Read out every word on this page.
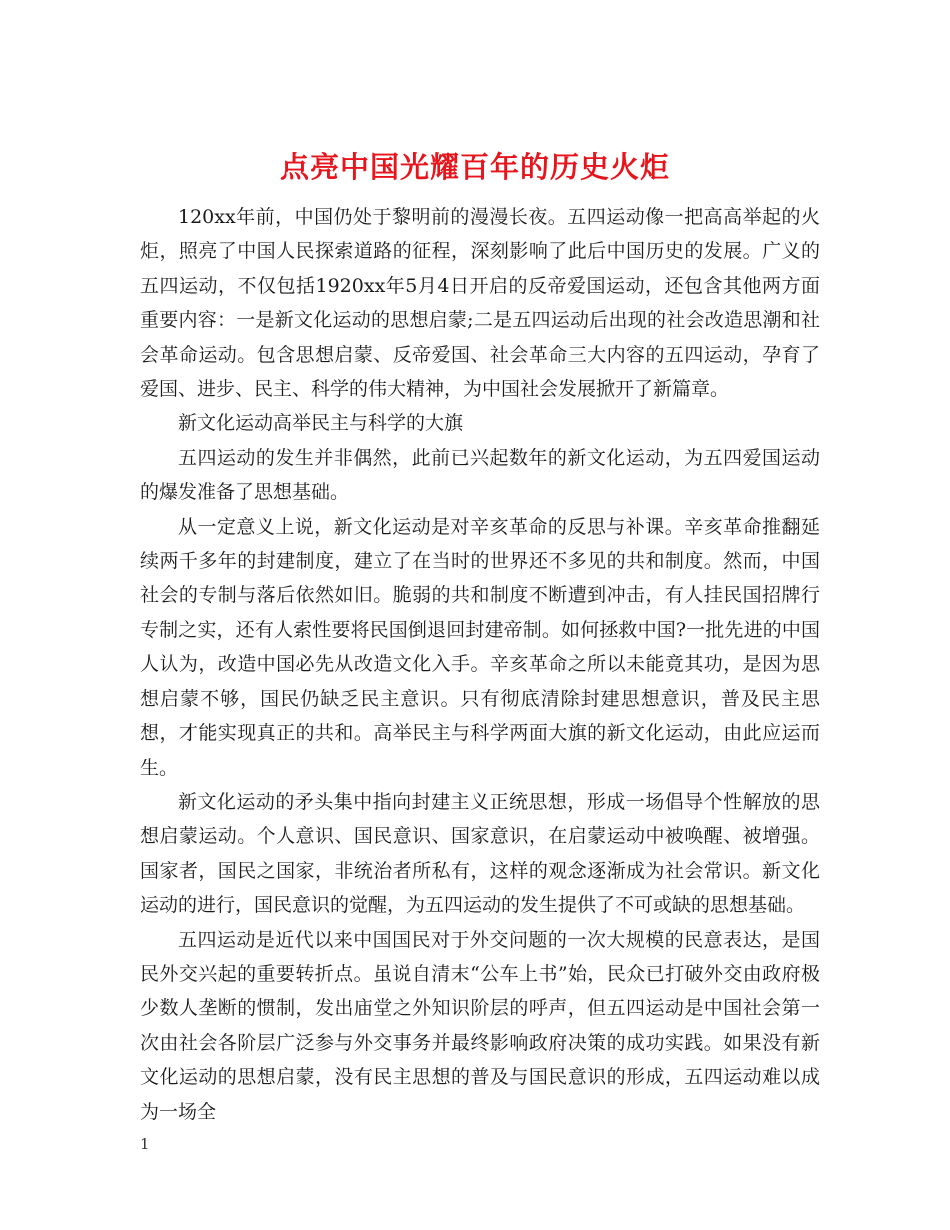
点亮中国光耀百年的历史火炬

120xx年前，中国仍处于黎明前的漫漫长夜。五四运动像一把高高举起的火炬，照亮了中国人民探索道路的征程，深刻影响了此后中国历史的发展。广义的五四运动，不仅包括1920xx年5月4日开启的反帝爱国运动，还包含其他两方面重要内容：一是新文化运动的思想启蒙;二是五四运动后出现的社会改造思潮和社会革命运动。包含思想启蒙、反帝爱国、社会革命三大内容的五四运动，孕育了爱国、进步、民主、科学的伟大精神，为中国社会发展掀开了新篇章。

新文化运动高举民主与科学的大旗

五四运动的发生并非偶然，此前已兴起数年的新文化运动，为五四爱国运动的爆发准备了思想基础。

从一定意义上说，新文化运动是对辛亥革命的反思与补课。辛亥革命推翻延续两千多年的封建制度，建立了在当时的世界还不多见的共和制度。然而，中国社会的专制与落后依然如旧。脆弱的共和制度不断遭到冲击，有人挂民国招牌行专制之实，还有人索性要将民国倒退回封建帝制。如何拯救中国?一批先进的中国人认为，改造中国必先从改造文化入手。辛亥革命之所以未能竟其功，是因为思想启蒙不够，国民仍缺乏民主意识。只有彻底清除封建思想意识，普及民主思想，才能实现真正的共和。高举民主与科学两面大旗的新文化运动，由此应运而生。

新文化运动的矛头集中指向封建主义正统思想，形成一场倡导个性解放的思想启蒙运动。个人意识、国民意识、国家意识，在启蒙运动中被唤醒、被增强。国家者，国民之国家，非统治者所私有，这样的观念逐渐成为社会常识。新文化运动的进行，国民意识的觉醒，为五四运动的发生提供了不可或缺的思想基础。

五四运动是近代以来中国国民对于外交问题的一次大规模的民意表达，是国民外交兴起的重要转折点。虽说自清末“公车上书”始，民众已打破外交由政府极少数人垄断的惯制，发出庙堂之外知识阶层的呼声，但五四运动是中国社会第一次由社会各阶层广泛参与外交事务并最终影响政府决策的成功实践。如果没有新文化运动的思想启蒙，没有民主思想的普及与国民意识的形成，五四运动难以成为一场全

1
